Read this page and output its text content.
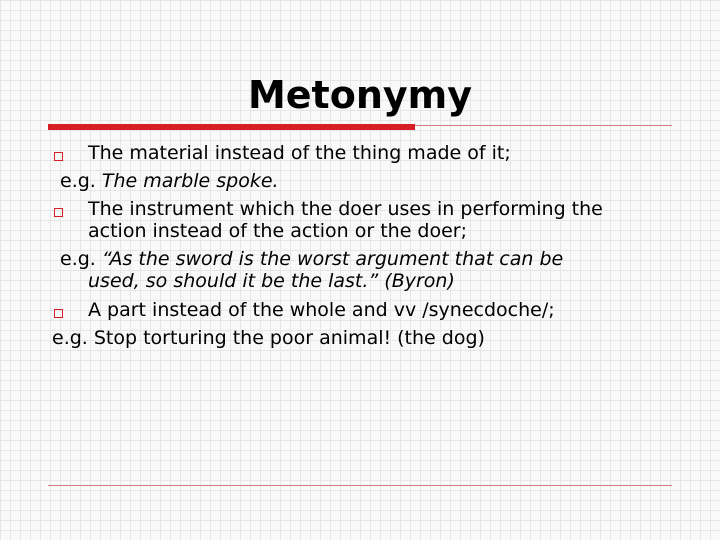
Metonymy
The material instead of the thing made of it;
e.g. The marble spoke.
The instrument which the doer uses in performing the
action instead of the action or the doer;
e.g. “As the sword is the worst argument that can be
used, so should it be the last.” (Byron)
A part instead of the whole and vv /synecdoche/;
e.g. Stop torturing the poor animal! (the dog)
